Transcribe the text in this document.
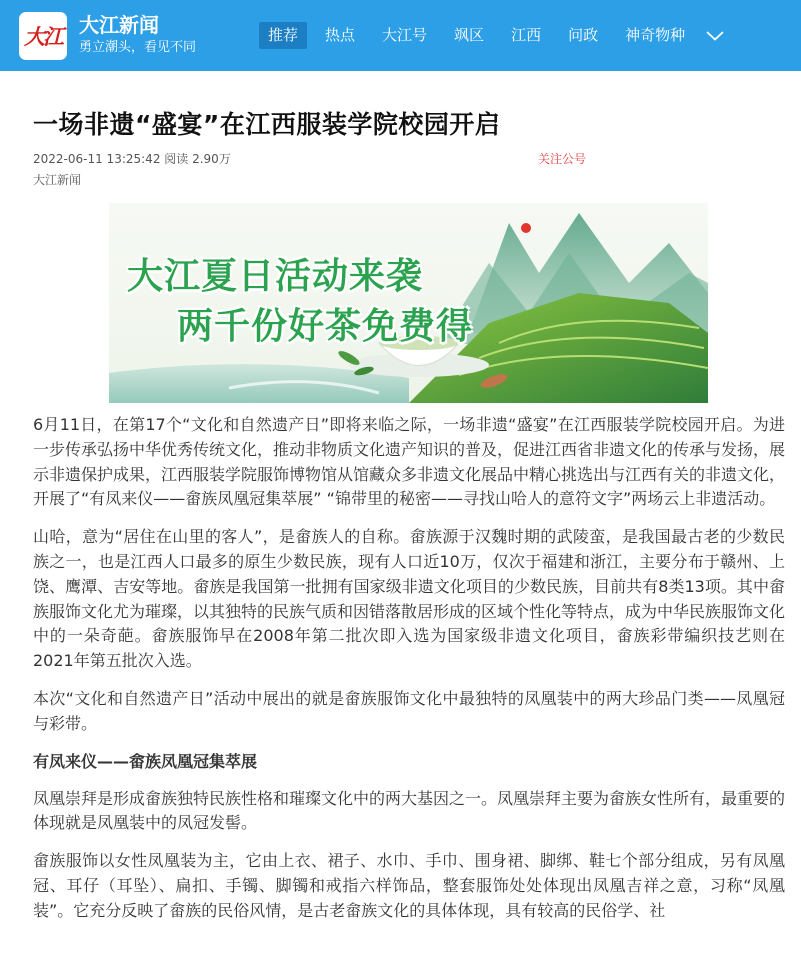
大江 大江新闻
勇立潮头，看见不同
推荐	热点	大江号	飒区	江西	问政	神奇物种
一场非遗“盛宴”在江西服装学院校园开启
2022-06-11 13:25:42 阅读 2.90万	关注公号
大江新闻
大江夏日活动来袭
两千份好茶免费得

6月11日，在第17个“文化和自然遗产日”即将来临之际，一场非遗“盛宴”在江西服装学院校园开启。为进一步传承弘扬中华优秀传统文化，推动非物质文化遗产知识的普及，促进江西省非遗文化的传承与发扬，展示非遗保护成果，江西服装学院服饰博物馆从馆藏众多非遗文化展品中精心挑选出与江西有关的非遗文化，开展了“有凤来仪——畲族凤凰冠集萃展” “锦带里的秘密——寻找山哈人的意符文字”两场云上非遗活动。

山哈，意为“居住在山里的客人”，是畲族人的自称。畲族源于汉魏时期的武陵蛮，是我国最古老的少数民族之一，也是江西人口最多的原生少数民族，现有人口近10万，仅次于福建和浙江，主要分布于赣州、上饶、鹰潭、吉安等地。畲族是我国第一批拥有国家级非遗文化项目的少数民族，目前共有8类13项。其中畲族服饰文化尤为璀璨，以其独特的民族气质和因错落散居形成的区域个性化等特点，成为中华民族服饰文化中的一朵奇葩。畲族服饰早在2008年第二批次即入选为国家级非遗文化项目，畲族彩带编织技艺则在2021年第五批次入选。

本次“文化和自然遗产日”活动中展出的就是畲族服饰文化中最独特的凤凰装中的两大珍品门类——凤凰冠与彩带。

有凤来仪——畲族凤凰冠集萃展

凤凰崇拜是形成畲族独特民族性格和璀璨文化中的两大基因之一。凤凰崇拜主要为畲族女性所有，最重要的体现就是凤凰装中的凤冠发髻。

畲族服饰以女性凤凰装为主，它由上衣、裙子、水巾、手巾、围身裙、脚绑、鞋七个部分组成，另有凤凰冠、耳仔（耳坠）、扁扣、手镯、脚镯和戒指六样饰品，整套服饰处处体现出凤凰吉祥之意，习称“凤凰装”。它充分反映了畲族的民俗风情，是古老畲族文化的具体体现，具有较高的民俗学、社
